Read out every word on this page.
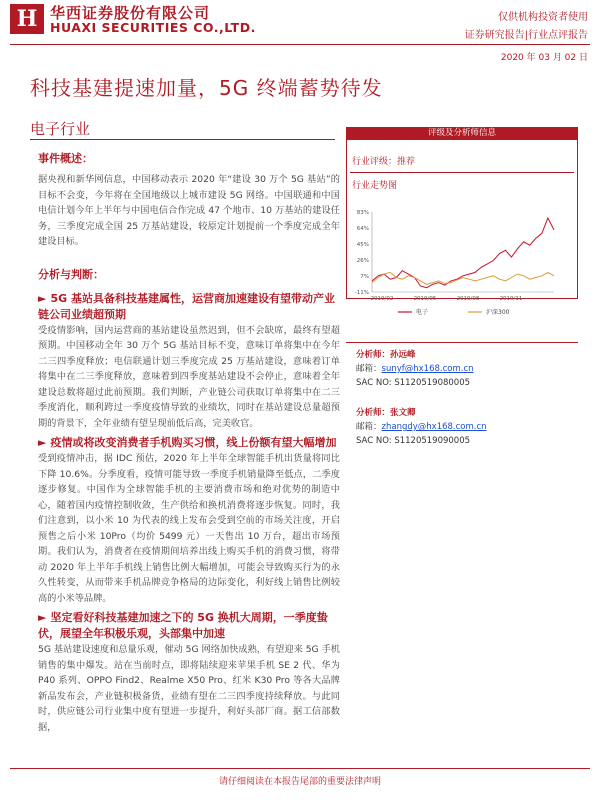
H 华西证券股份有限公司
HUAXI SECURITIES CO.,LTD.
仅供机构投资者使用
证券研究报告|行业点评报告
2020 年 03 月 02 日
科技基建提速加量，5G 终端蓄势待发
电子行业
事件概述：
据央视和新华网信息，中国移动表示 2020 年“建设 30 万个 5G 基站”的目标不会变，今年将在全国地级以上城市建设 5G 网络。中国联通和中国电信计划今年上半年与中国电信合作完成 47 个地市、10 万基站的建设任务，三季度完成全国 25 万基站建设，较原定计划提前一个季度完成全年建设目标。
分析与判断：
► 5G 基站具备科技基建属性，运营商加速建设有望带动产业链公司业绩超预期
受疫情影响，国内运营商的基站建设虽然迟到，但不会缺席，最终有望超预期。中国移动全年 30 万个 5G 基站目标不变，意味订单将集中在今年二三四季度释放；电信联通计划三季度完成 25 万基站建设，意味着订单将集中在二三季度释放，意味着到四季度基站建设不会停止，意味着全年建设总数将超过此前预期。我们判断，产业链公司获取订单将集中在二三季度消化，顺利跨过一季度疫情导致的业绩坎，同时在基站建设总量超预期的背景下，全年业绩有望呈现前低后高，完美收官。
► 疫情或将改变消费者手机购买习惯，线上份额有望大幅增加
受到疫情冲击，据 IDC 预估，2020 年上半年全球智能手机出货量将同比下降 10.6%。分季度看，疫情可能导致一季度手机销量降至低点，二季度逐步修复。中国作为全球智能手机的主要消费市场和绝对优势的制造中心，随着国内疫情控制收敛，生产供给和换机消费将逐步恢复。同时，我们注意到，以小米 10 为代表的线上发布会受到空前的市场关注度，开启预售之后小米 10Pro（均价 5499 元）一天售出 10 万台，超出市场预期。我们认为，消费者在疫情期间培养出线上购买手机的消费习惯，将带动 2020 年上半年手机线上销售比例大幅增加，可能会导致购买行为的永久性转变，从而带来手机品牌竞争格局的边际变化，利好线上销售比例较高的小米等品牌。
► 坚定看好科技基建加速之下的 5G 换机大周期，一季度蛰伏，展望全年积极乐观，头部集中加速
5G 基站建设速度和总量乐观，催动 5G 网络加快成熟，有望迎来 5G 手机销售的集中爆发。站在当前时点，即将陆续迎来苹果手机 SE 2 代、华为 P40 系列、OPPO Find2、Realme X50 Pro、红米 K30 Pro 等各大品牌新品发布会，产业链积极备货，业绩有望在二三四季度持续释放。与此同时，供应链公司行业集中度有望进一步提升，利好头部厂商。据工信部数据，
评级及分析师信息
行业评级：推荐
行业走势图
83%
64%
45%
26%
7%
-11%
2019/02	2019/05	2019/08	2019/11
电子	沪深300
分析师：孙远峰
邮箱：sunyf@hx168.com.cn
SAC NO: S1120519080005
分析师：张文卿
邮箱：zhangdy@hx168.com.cn
SAC NO: S1120519090005
请仔细阅读在本报告尾部的重要法律声明
